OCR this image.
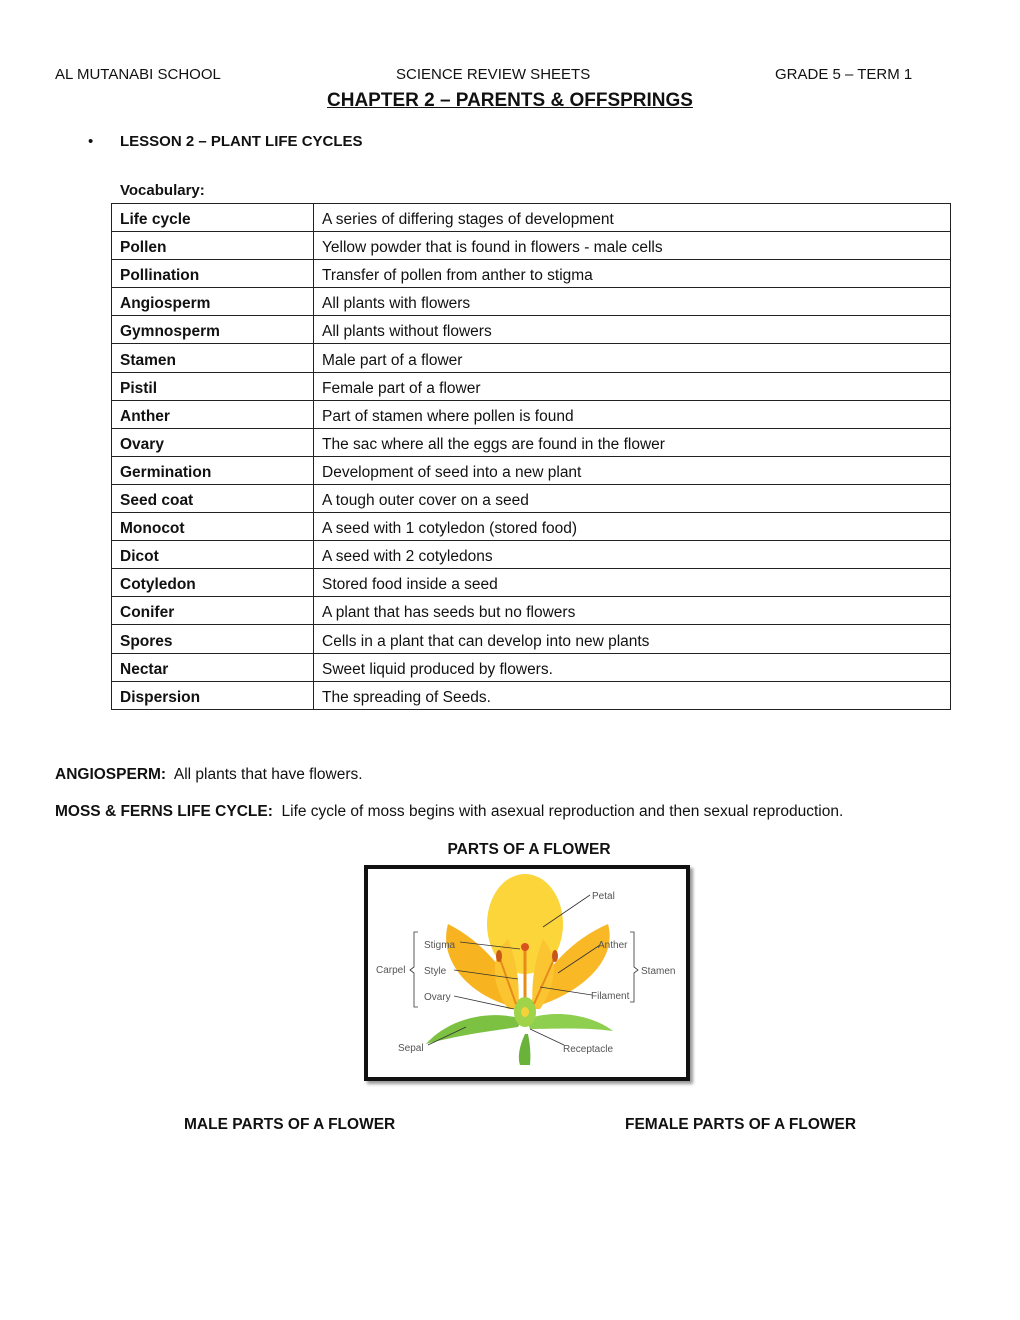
AL MUTANABI SCHOOL	SCIENCE REVIEW SHEETS	GRADE 5 – TERM 1
CHAPTER 2 – PARENTS & OFFSPRINGS
• LESSON 2 – PLANT LIFE CYCLES
Vocabulary:
Life cycle	A series of differing stages of development
Pollen	Yellow powder that is found in flowers - male cells
Pollination	Transfer of pollen from anther to stigma
Angiosperm	All plants with flowers
Gymnosperm	All plants without flowers
Stamen	Male part of a flower
Pistil	Female part of a flower
Anther	Part of stamen where pollen is found
Ovary	The sac where all the eggs are found in the flower
Germination	Development of seed into a new plant
Seed coat	A tough outer cover on a seed
Monocot	A seed with 1 cotyledon (stored food)
Dicot	A seed with 2 cotyledons
Cotyledon	Stored food inside a seed
Conifer	A plant that has seeds but no flowers
Spores	Cells in a plant that can develop into new plants
Nectar	Sweet liquid produced by flowers.
Dispersion	The spreading of Seeds.
ANGIOSPERM: All plants that have flowers.
MOSS & FERNS LIFE CYCLE: Life cycle of moss begins with asexual reproduction and then sexual reproduction.
PARTS OF A FLOWER
Petal
Stigma
Style
Ovary
Carpel
Anther
Filament
Stamen
Sepal	Receptacle
MALE PARTS OF A FLOWER	FEMALE PARTS OF A FLOWER
